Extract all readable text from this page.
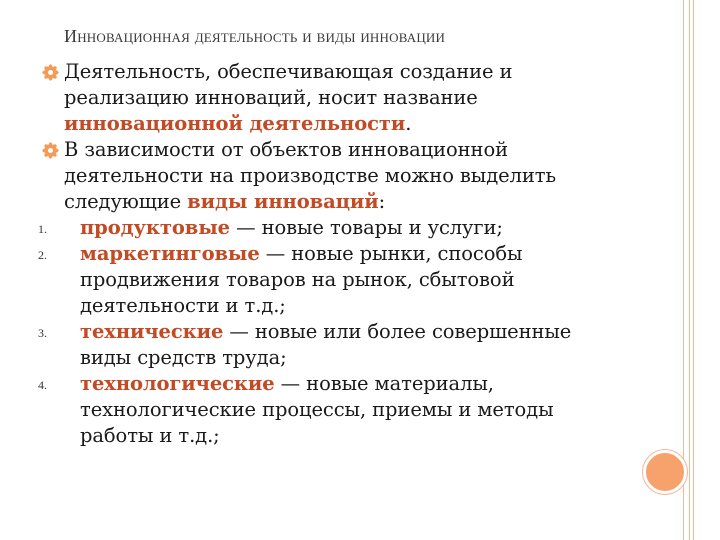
Инновационная деятельность и виды инновации
Деятельность, обеспечивающая создание и
реализацию инноваций, носит название
инновационной деятельности.
В зависимости от объектов инновационной
деятельности на производстве можно выделить
следующие виды инноваций:
1. продуктовые — новые товары и услуги;
2. маркетинговые — новые рынки, способы
продвижения товаров на рынок, сбытовой
деятельности и т.д.;
3. технические — новые или более совершенные
виды средств труда;
4. технологические — новые материалы,
технологические процессы, приемы и методы
работы и т.д.;
